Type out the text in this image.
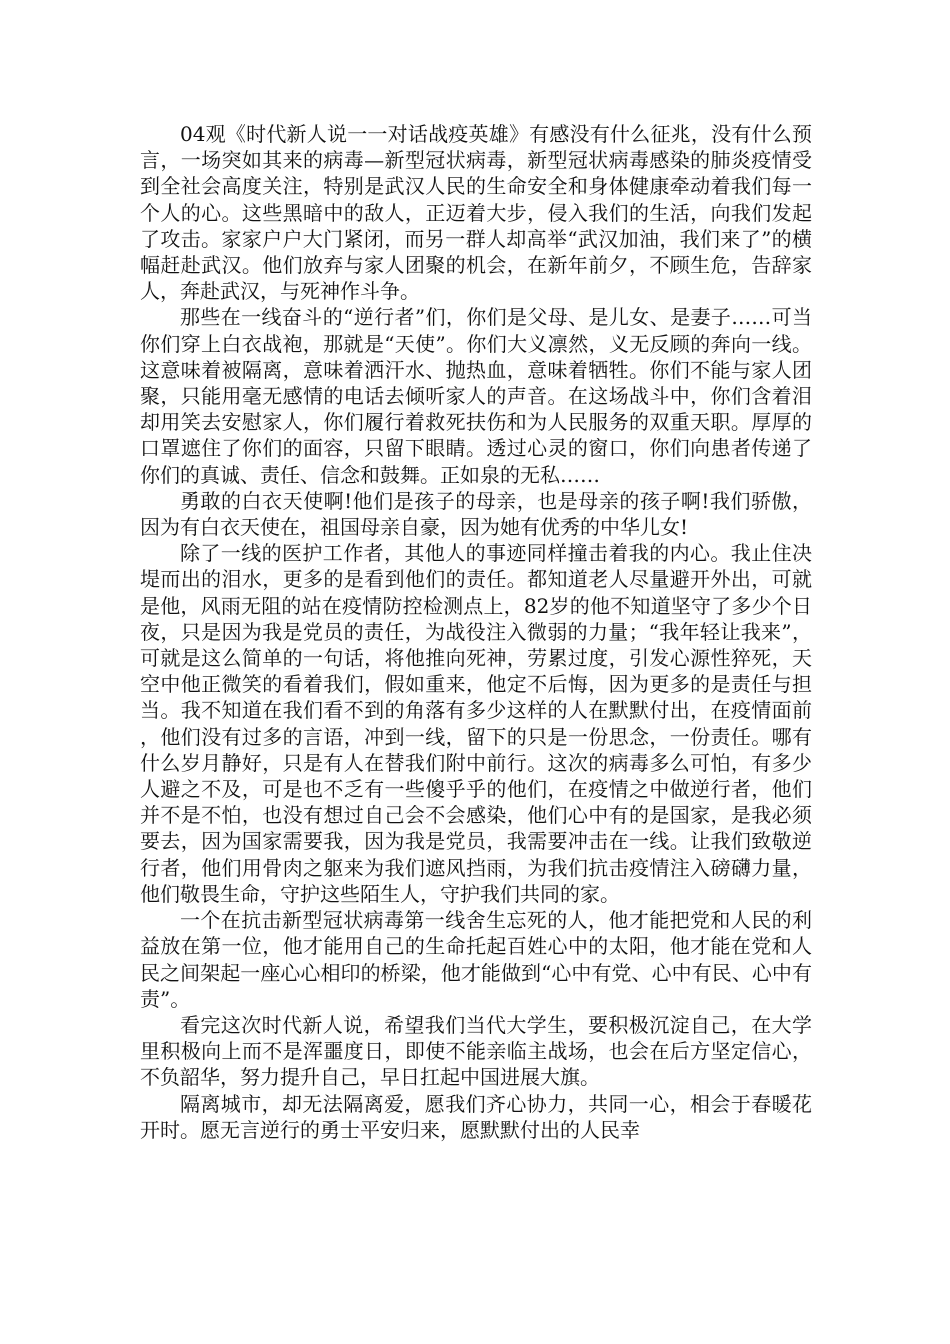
04观《时代新人说一一对话战疫英雄》有感没有什么征兆，没有什么预言，一场突如其来的病毒—新型冠状病毒，新型冠状病毒感染的肺炎疫情受到全社会高度关注，特别是武汉人民的生命安全和身体健康牵动着我们每一个人的心。这些黑暗中的敌人，正迈着大步，侵入我们的生活，向我们发起了攻击。家家户户大门紧闭，而另一群人却高举“武汉加油，我们来了”的横幅赶赴武汉。他们放弃与家人团聚的机会，在新年前夕，不顾生危，告辞家人，奔赴武汉，与死神作斗争。

那些在一线奋斗的“逆行者”们，你们是父母、是儿女、是妻子……可当你们穿上白衣战袍，那就是“天使”。你们大义凛然，义无反顾的奔向一线。这意味着被隔离，意味着洒汗水、抛热血，意味着牺牲。你们不能与家人团聚，只能用毫无感情的电话去倾听家人的声音。在这场战斗中，你们含着泪却用笑去安慰家人，你们履行着救死扶伤和为人民服务的双重天职。厚厚的口罩遮住了你们的面容，只留下眼睛。透过心灵的窗口，你们向患者传递了你们的真诚、责任、信念和鼓舞。正如泉的无私……

勇敢的白衣天使啊!他们是孩子的母亲，也是母亲的孩子啊!我们骄傲，因为有白衣天使在，祖国母亲自豪，因为她有优秀的中华儿女!

除了一线的医护工作者，其他人的事迹同样撞击着我的内心。我止住决堤而出的泪水，更多的是看到他们的责任。都知道老人尽量避开外出，可就是他，风雨无阻的站在疫情防控检测点上，82岁的他不知道坚守了多少个日夜，只是因为我是党员的责任，为战役注入微弱的力量；“我年轻让我来”，可就是这么简单的一句话，将他推向死神，劳累过度，引发心源性猝死，天空中他正微笑的看着我们，假如重来，他定不后悔，因为更多的是责任与担当。我不知道在我们看不到的角落有多少这样的人在默默付出，在疫情面前，他们没有过多的言语，冲到一线，留下的只是一份思念，一份责任。哪有什么岁月静好，只是有人在替我们附中前行。这次的病毒多么可怕，有多少人避之不及，可是也不乏有一些傻乎乎的他们，在疫情之中做逆行者，他们并不是不怕，也没有想过自己会不会感染，他们心中有的是国家，是我必须要去，因为国家需要我，因为我是党员，我需要冲击在一线。让我们致敬逆行者，他们用骨肉之躯来为我们遮风挡雨，为我们抗击疫情注入磅礴力量，他们敬畏生命，守护这些陌生人，守护我们共同的家。

一个在抗击新型冠状病毒第一线舍生忘死的人，他才能把党和人民的利益放在第一位，他才能用自己的生命托起百姓心中的太阳，他才能在党和人民之间架起一座心心相印的桥梁，他才能做到“心中有党、心中有民、心中有责”。

看完这次时代新人说，希望我们当代大学生，要积极沉淀自己，在大学里积极向上而不是浑噩度日，即使不能亲临主战场，也会在后方坚定信心，不负韶华，努力提升自己，早日扛起中国进展大旗。

隔离城市，却无法隔离爱，愿我们齐心协力，共同一心，相会于春暖花开时。愿无言逆行的勇士平安归来，愿默默付出的人民幸
